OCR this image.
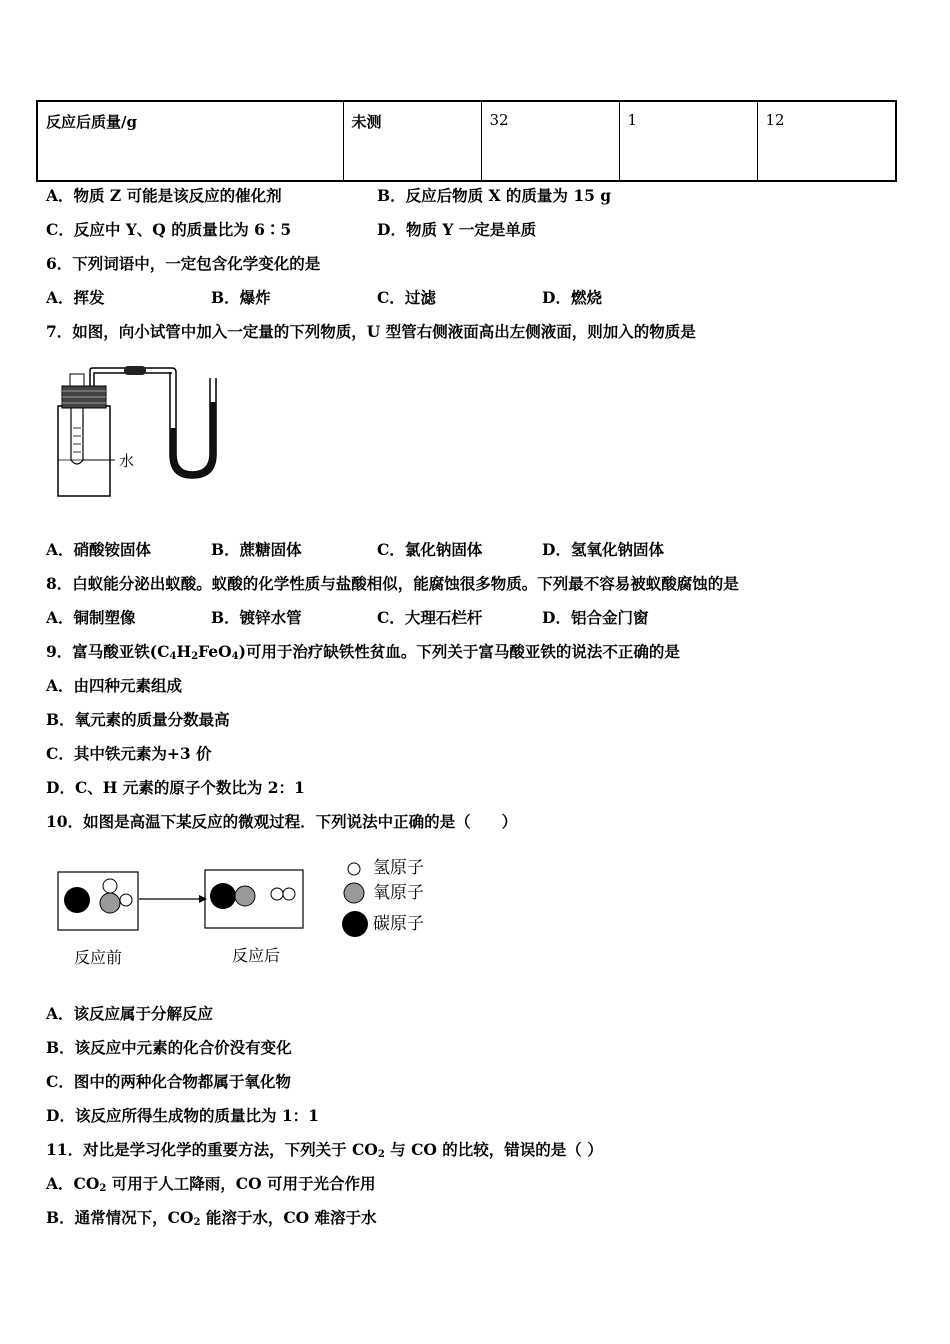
反应后质量/g	未测	32	1	12
A．物质 Z 可能是该反应的催化剂	B．反应后物质 X 的质量为 15 g
C．反应中 Y、Q 的质量比为 6∶5	D．物质 Y 一定是单质
6．下列词语中，一定包含化学变化的是
A．挥发	B．爆炸	C．过滤	D．燃烧
7．如图，向小试管中加入一定量的下列物质，U 型管右侧液面高出左侧液面，则加入的物质是
水
A．硝酸铵固体	B．蔗糖固体	C．氯化钠固体	D．氢氧化钠固体
8．白蚁能分泌出蚁酸。蚁酸的化学性质与盐酸相似，能腐蚀很多物质。下列最不容易被蚁酸腐蚀的是
A．铜制塑像	B．镀锌水管	C．大理石栏杆	D．铝合金门窗
9．富马酸亚铁$(C_4H_2FeO_4)$可用于治疗缺铁性贫血。下列关于富马酸亚铁的说法不正确的是
A．由四种元素组成
B．氧元素的质量分数最高
C．其中铁元素为+3 价
D．C、H 元素的原子个数比为 2：1
10．如图是高温下某反应的微观过程．下列说法中正确的是（　　）
反应前	反应后
氢原子
氧原子
碳原子
A．该反应属于分解反应
B．该反应中元素的化合价没有变化
C．图中的两种化合物都属于氧化物
D．该反应所得生成物的质量比为 1：1
11．对比是学习化学的重要方法，下列关于 $CO_2$ 与 CO 的比较，错误的是（ ）
A．$CO_2$ 可用于人工降雨，CO 可用于光合作用
B．通常情况下，$CO_2$ 能溶于水，CO 难溶于水
